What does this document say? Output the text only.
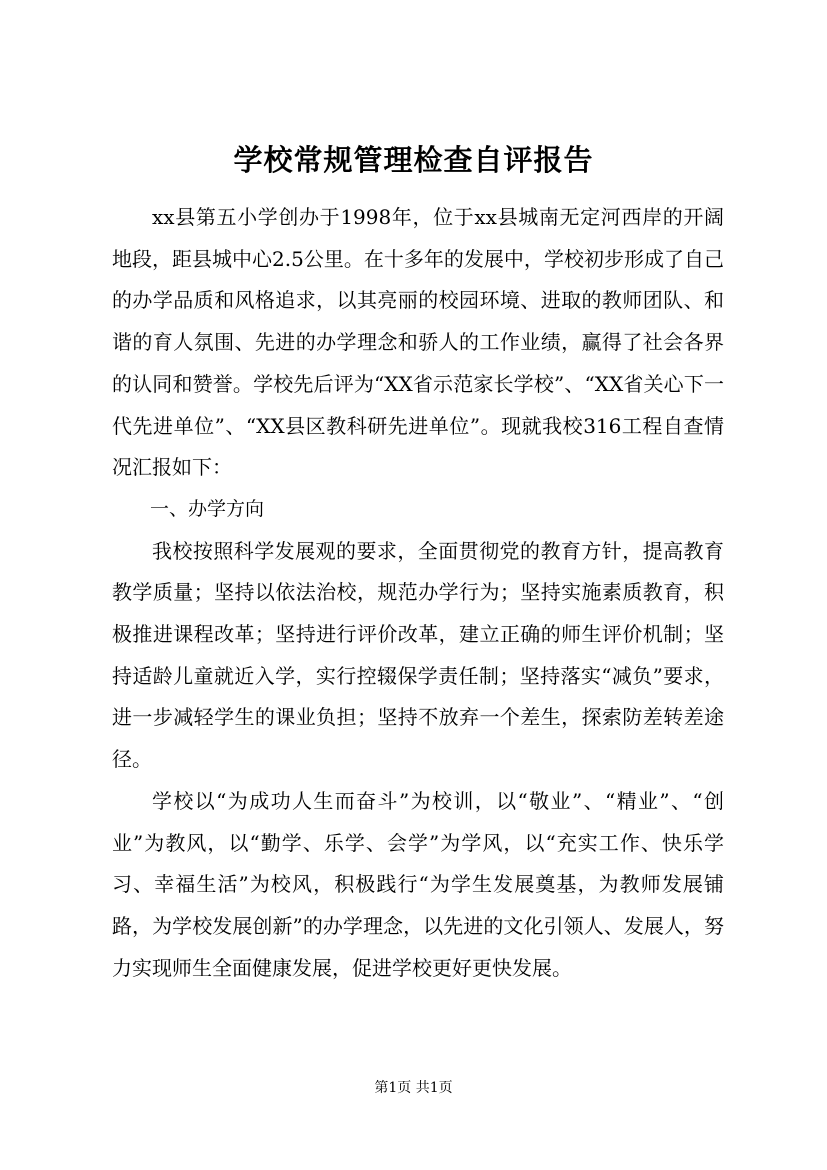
学校常规管理检查自评报告

xx县第五小学创办于1998年，位于xx县城南无定河西岸的开阔地段，距县城中心2.5公里。在十多年的发展中，学校初步形成了自己的办学品质和风格追求，以其亮丽的校园环境、进取的教师团队、和谐的育人氛围、先进的办学理念和骄人的工作业绩，赢得了社会各界的认同和赞誉。学校先后评为“XX省示范家长学校”、“XX省关心下一代先进单位”、“XX县区教科研先进单位”。现就我校316工程自查情况汇报如下：

一、办学方向

我校按照科学发展观的要求，全面贯彻党的教育方针，提高教育教学质量；坚持以依法治校，规范办学行为；坚持实施素质教育，积极推进课程改革；坚持进行评价改革，建立正确的师生评价机制；坚持适龄儿童就近入学，实行控辍保学责任制；坚持落实“减负”要求，进一步减轻学生的课业负担；坚持不放弃一个差生，探索防差转差途径。

学校以“为成功人生而奋斗”为校训，以“敬业”、“精业”、“创业”为教风，以“勤学、乐学、会学”为学风，以“充实工作、快乐学习、幸福生活”为校风，积极践行“为学生发展奠基，为教师发展铺路，为学校发展创新”的办学理念，以先进的文化引领人、发展人，努力实现师生全面健康发展，促进学校更好更快发展。

第1页 共1页
